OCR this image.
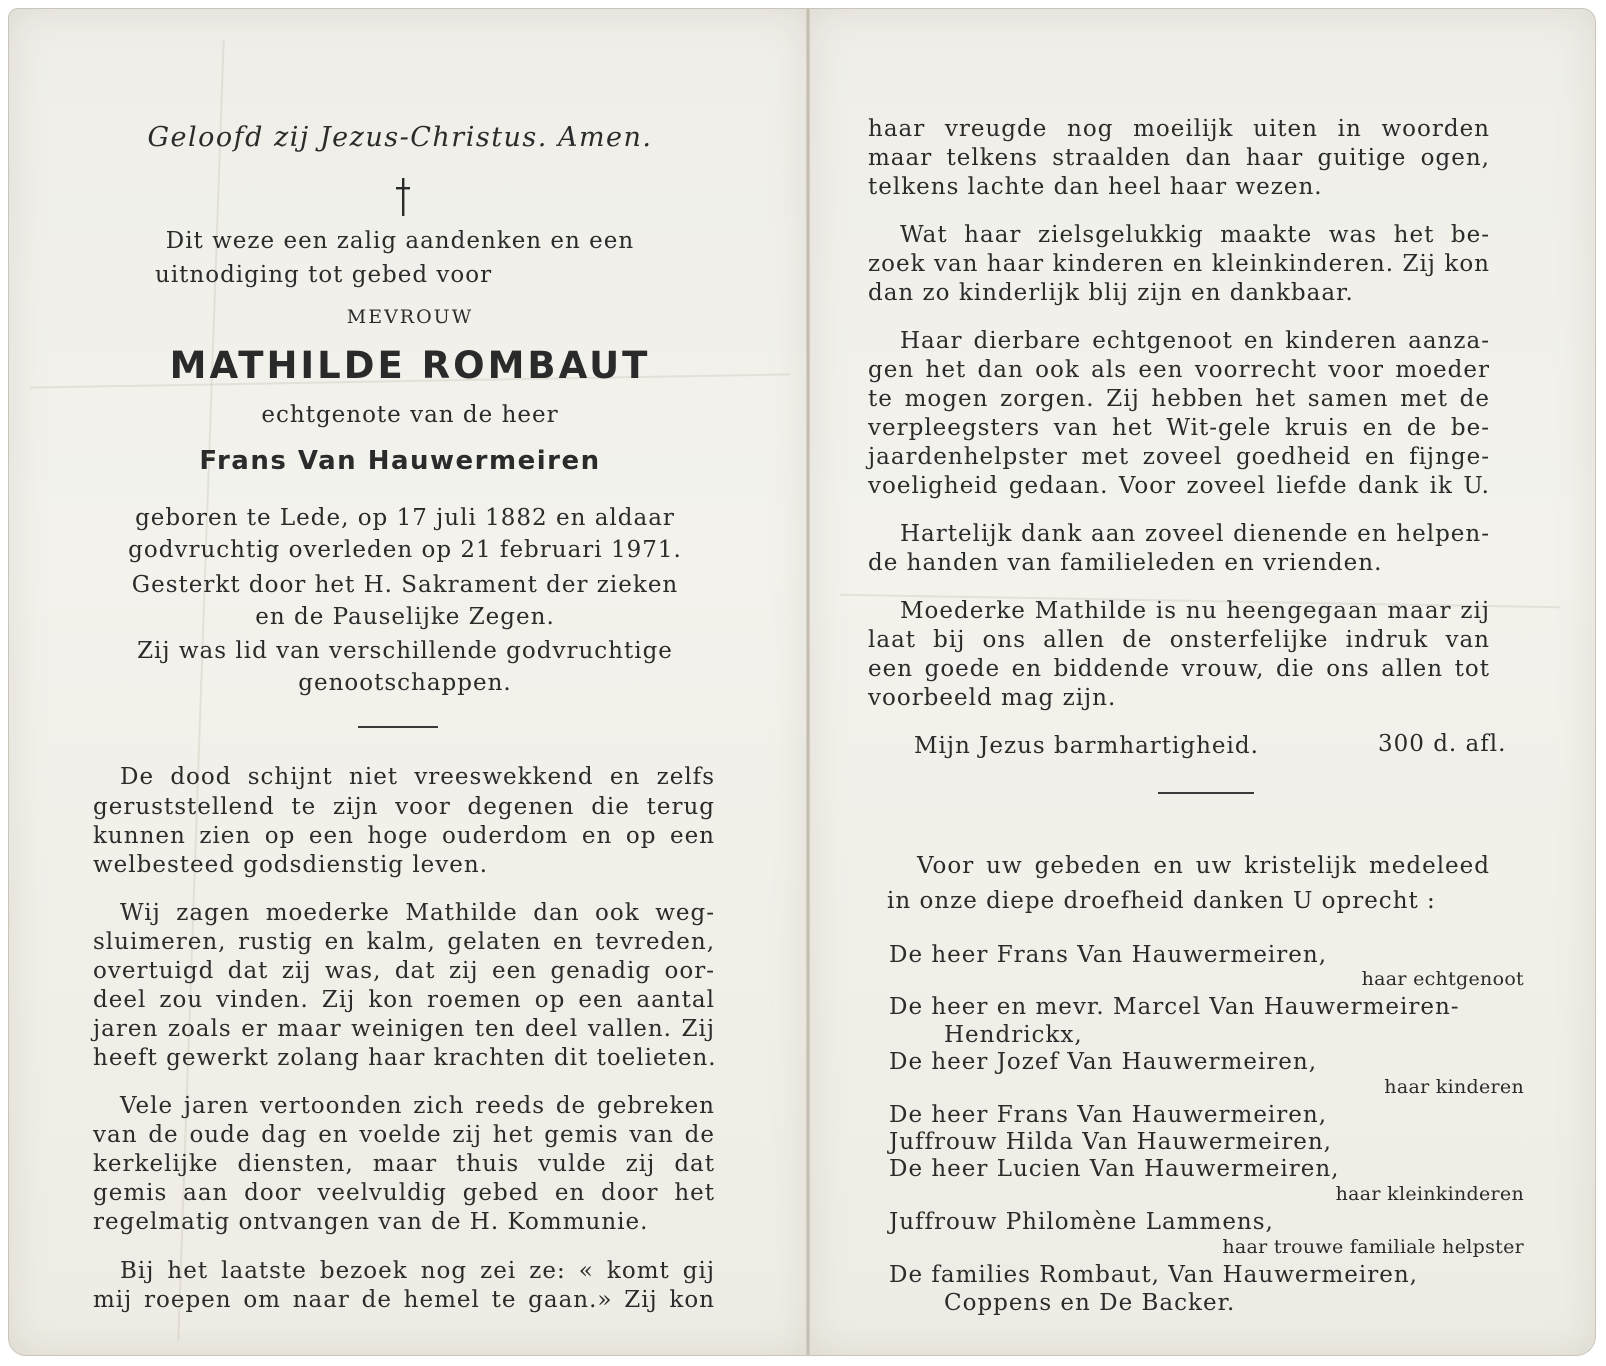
Geloofd zij Jezus-Christus. Amen.
Dit weze een zalig aandenken en een
uitnodiging tot gebed voor
MEVROUW
MATHILDE ROMBAUT
echtgenote van de heer
Frans Van Hauwermeiren
geboren te Lede, op 17 juli 1882 en aldaar
godvruchtig overleden op 21 februari 1971.
Gesterkt door het H. Sakrament der zieken
en de Pauselijke Zegen.
Zij was lid van verschillende godvruchtige
genootschappen.
De dood schijnt niet vreeswekkend en zelfs
geruststellend te zijn voor degenen die terug
kunnen zien op een hoge ouderdom en op een
welbesteed godsdienstig leven.
Wij zagen moederke Mathilde dan ook weg-
sluimeren, rustig en kalm, gelaten en tevreden,
overtuigd dat zij was, dat zij een genadig oor-
deel zou vinden. Zij kon roemen op een aantal
jaren zoals er maar weinigen ten deel vallen. Zij
heeft gewerkt zolang haar krachten dit toelieten.
Vele jaren vertoonden zich reeds de gebreken
van de oude dag en voelde zij het gemis van de
kerkelijke diensten, maar thuis vulde zij dat
gemis aan door veelvuldig gebed en door het
regelmatig ontvangen van de H. Kommunie.
Bij het laatste bezoek nog zei ze: « komt gij
mij roepen om naar de hemel te gaan.» Zij kon
haar vreugde nog moeilijk uiten in woorden
maar telkens straalden dan haar guitige ogen,
telkens lachte dan heel haar wezen.
Wat haar zielsgelukkig maakte was het be-
zoek van haar kinderen en kleinkinderen. Zij kon
dan zo kinderlijk blij zijn en dankbaar.
Haar dierbare echtgenoot en kinderen aanza-
gen het dan ook als een voorrecht voor moeder
te mogen zorgen. Zij hebben het samen met de
verpleegsters van het Wit-gele kruis en de be-
jaardenhelpster met zoveel goedheid en fijnge-
voeligheid gedaan. Voor zoveel liefde dank ik U.
Hartelijk dank aan zoveel dienende en helpen-
de handen van familieleden en vrienden.
Moederke Mathilde is nu heengegaan maar zij
laat bij ons allen de onsterfelijke indruk van
een goede en biddende vrouw, die ons allen tot
voorbeeld mag zijn.
Mijn Jezus barmhartigheid.	300 d. afl.
Voor uw gebeden en uw kristelijk medeleed
in onze diepe droefheid danken U oprecht :
De heer Frans Van Hauwermeiren,
haar echtgenoot
De heer en mevr. Marcel Van Hauwermeiren-
Hendrickx,
De heer Jozef Van Hauwermeiren,
haar kinderen
De heer Frans Van Hauwermeiren,
Juffrouw Hilda Van Hauwermeiren,
De heer Lucien Van Hauwermeiren,
haar kleinkinderen
Juffrouw Philomène Lammens,
haar trouwe familiale helpster
De families Rombaut, Van Hauwermeiren,
Coppens en De Backer.
